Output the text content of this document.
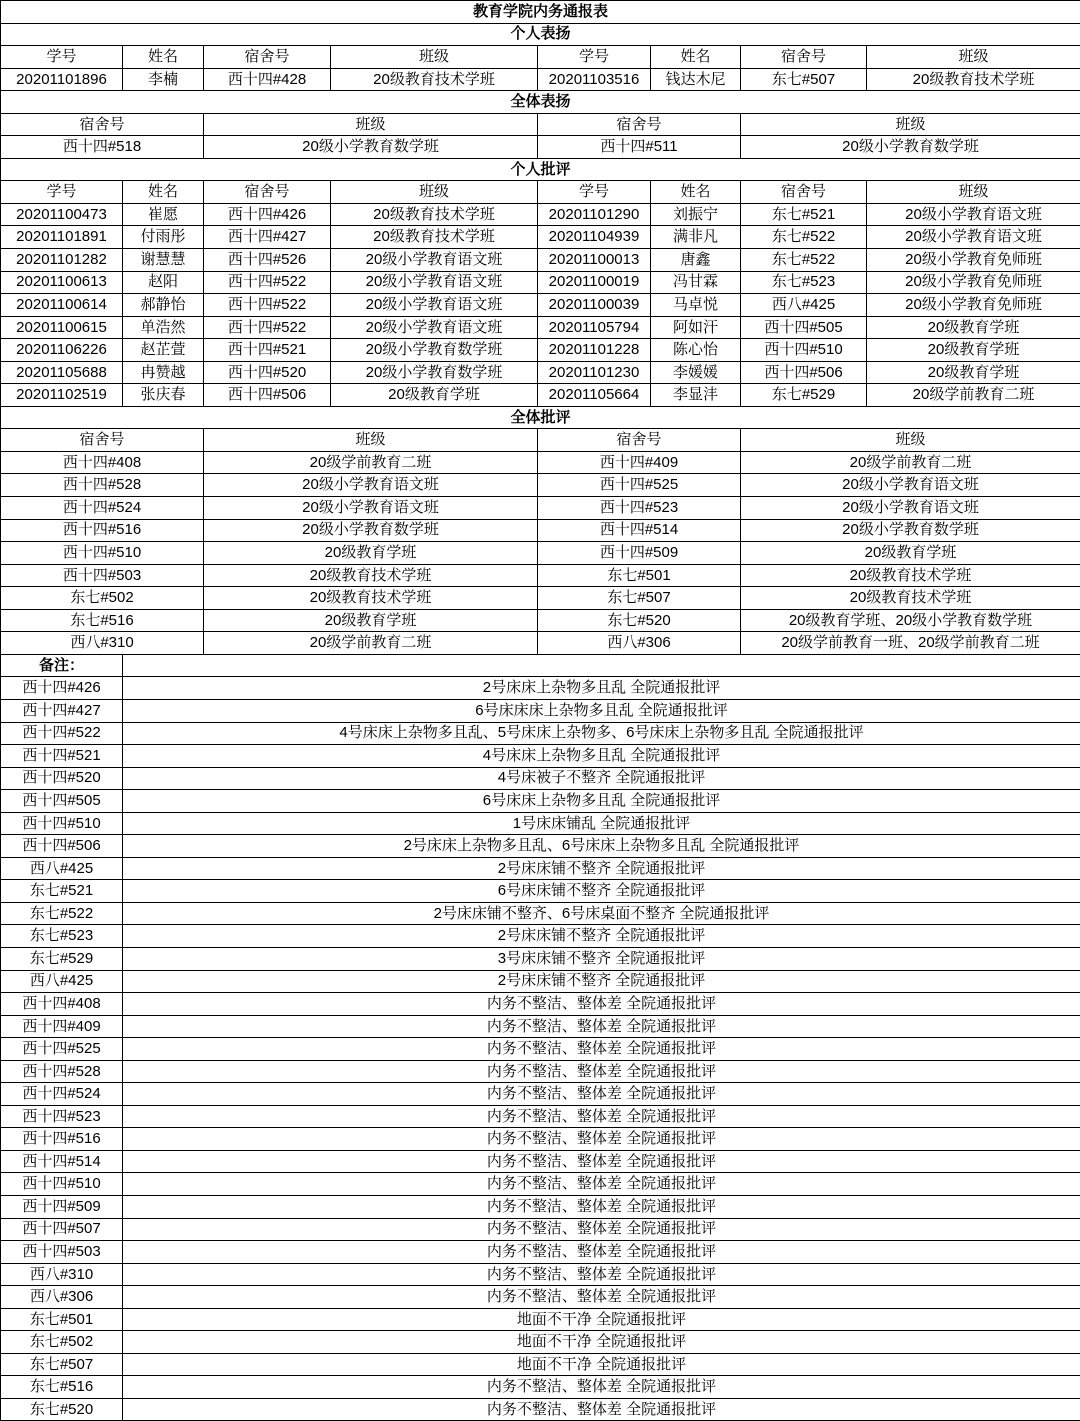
教育学院内务通报表							
个人表扬							
学号	姓名	宿舍号	班级	学号	姓名	宿舍号	班级
20201101896	李楠	西十四#428	20级教育技术学班	20201103516	钱达木尼	东七#507	20级教育技术学班
全体表扬							
宿舍号		班级		宿舍号		班级	
西十四#518		20级小学教育数学班		西十四#511		20级小学教育数学班	
个人批评							
学号	姓名	宿舍号	班级	学号	姓名	宿舍号	班级
20201100473	崔愿	西十四#426	20级教育技术学班	20201101290	刘振宁	东七#521	20级小学教育语文班
20201101891	付雨彤	西十四#427	20级教育技术学班	20201104939	满非凡	东七#522	20级小学教育语文班
20201101282	谢慧慧	西十四#526	20级小学教育语文班	20201100013	唐鑫	东七#522	20级小学教育免师班
20201100613	赵阳	西十四#522	20级小学教育语文班	20201100019	冯甘霖	东七#523	20级小学教育免师班
20201100614	郝静怡	西十四#522	20级小学教育语文班	20201100039	马卓悦	西八#425	20级小学教育免师班
20201100615	单浩然	西十四#522	20级小学教育语文班	20201105794	阿如汗	西十四#505	20级教育学班
20201106226	赵芷萱	西十四#521	20级小学教育数学班	20201101228	陈心怡	西十四#510	20级教育学班
20201105688	冉赞越	西十四#520	20级小学教育数学班	20201101230	李媛媛	西十四#506	20级教育学班
20201102519	张庆春	西十四#506	20级教育学班	20201105664	李显沣	东七#529	20级学前教育二班
全体批评							
宿舍号		班级		宿舍号		班级	
西十四#408		20级学前教育二班		西十四#409		20级学前教育二班	
西十四#528		20级小学教育语文班		西十四#525		20级小学教育语文班	
西十四#524		20级小学教育语文班		西十四#523		20级小学教育语文班	
西十四#516		20级小学教育数学班		西十四#514		20级小学教育数学班	
西十四#510		20级教育学班		西十四#509		20级教育学班	
西十四#503		20级教育技术学班		东七#501		20级教育技术学班	
东七#502		20级教育技术学班		东七#507		20级教育技术学班	
东七#516		20级教育学班		东七#520		20级教育学班、20级小学教育数学班	
西八#310		20级学前教育二班		西八#306		20级学前教育一班、20级学前教育二班	
备注：							
西十四#426	2号床床上杂物多且乱 全院通报批评						
西十四#427	6号床床床上杂物多且乱 全院通报批评						
西十四#522	4号床床上杂物多且乱、5号床床上杂物多、6号床床上杂物多且乱 全院通报批评						
西十四#521	4号床床上杂物多且乱 全院通报批评						
西十四#520	4号床被子不整齐 全院通报批评						
西十四#505	6号床床上杂物多且乱 全院通报批评						
西十四#510	1号床床铺乱 全院通报批评						
西十四#506	2号床床上杂物多且乱、6号床床上杂物多且乱 全院通报批评						
西八#425	2号床床铺不整齐 全院通报批评						
东七#521	6号床床铺不整齐 全院通报批评						
东七#522	2号床床铺不整齐、6号床桌面不整齐 全院通报批评						
东七#523	2号床床铺不整齐 全院通报批评						
东七#529	3号床床铺不整齐 全院通报批评						
西八#425	2号床床铺不整齐 全院通报批评						
西十四#408	内务不整洁、整体差 全院通报批评						
西十四#409	内务不整洁、整体差 全院通报批评						
西十四#525	内务不整洁、整体差 全院通报批评						
西十四#528	内务不整洁、整体差 全院通报批评						
西十四#524	内务不整洁、整体差 全院通报批评						
西十四#523	内务不整洁、整体差 全院通报批评						
西十四#516	内务不整洁、整体差 全院通报批评						
西十四#514	内务不整洁、整体差 全院通报批评						
西十四#510	内务不整洁、整体差 全院通报批评						
西十四#509	内务不整洁、整体差 全院通报批评						
西十四#507	内务不整洁、整体差 全院通报批评						
西十四#503	内务不整洁、整体差 全院通报批评						
西八#310	内务不整洁、整体差 全院通报批评						
西八#306	内务不整洁、整体差 全院通报批评						
东七#501	地面不干净 全院通报批评						
东七#502	地面不干净 全院通报批评						
东七#507	地面不干净 全院通报批评						
东七#516	内务不整洁、整体差 全院通报批评						
东七#520	内务不整洁、整体差 全院通报批评						
